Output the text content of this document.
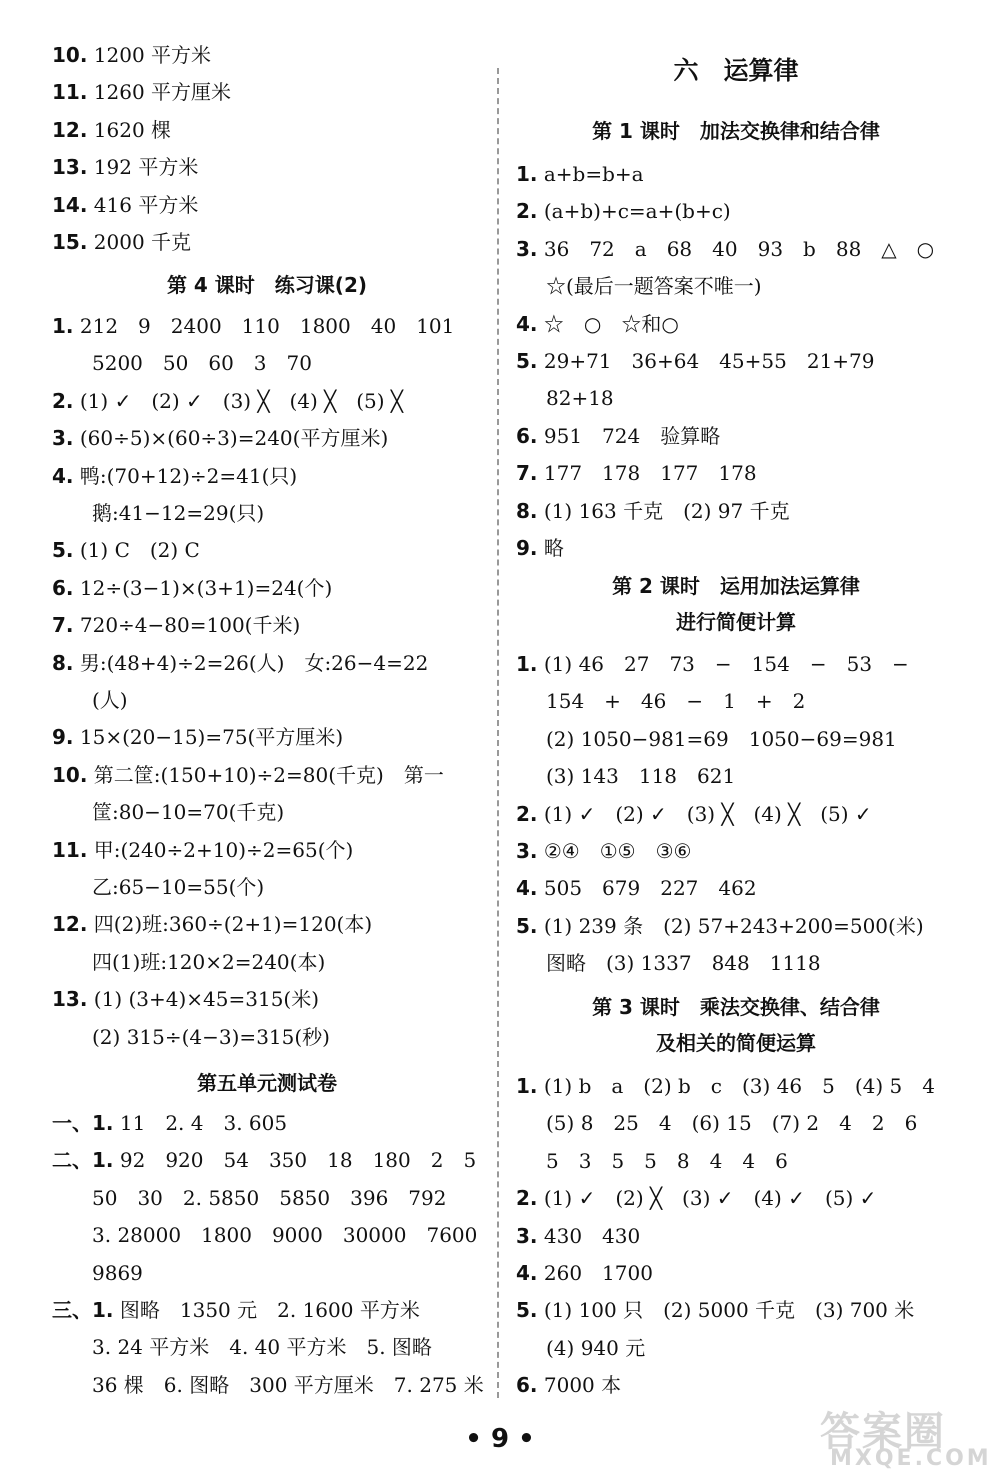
10. 1200 平方米
11. 1260 平方厘米
12. 1620 棵
13. 192 平方米
14. 416 平方米
15. 2000 千克
第 4 课时　练习课(2)
1. 212　9　2400　110　1800　40　101
5200　50　60　3　70
2. (1) ✓　(2) ✓　(3) ╳　(4) ╳　(5) ╳
3. (60÷5)×(60÷3)=240(平方厘米)
4. 鸭:(70+12)÷2=41(只)
鹅:41−12=29(只)
5. (1) C　(2) C
6. 12÷(3−1)×(3+1)=24(个)
7. 720÷4−80=100(千米)
8. 男:(48+4)÷2=26(人)　女:26−4=22
(人)
9. 15×(20−15)=75(平方厘米)
10. 第二筐:(150+10)÷2=80(千克)　第一
筐:80−10=70(千克)
11. 甲:(240÷2+10)÷2=65(个)
乙:65−10=55(个)
12. 四(2)班:360÷(2+1)=120(本)
四(1)班:120×2=240(本)
13. (1) (3+4)×45=315(米)
(2) 315÷(4−3)=315(秒)
第五单元测试卷
一、1. 11　2. 4　3. 605
二、1. 92　920　54　350　18　180　2　5
50　30　2. 5850　5850　396　792
3. 28000　1800　9000　30000　7600
9869
三、1. 图略　1350 元　2. 1600 平方米
3. 24 平方米　4. 40 平方米　5. 图略
36 棵　6. 图略　300 平方厘米　7. 275 米
六　运算律
第 1 课时　加法交换律和结合律
1. a+b=b+a
2. (a+b)+c=a+(b+c)
3. 36　72　a　68　40　93　b　88　△　○
☆(最后一题答案不唯一)
4. ☆　○　☆和○
5. 29+71　36+64　45+55　21+79
82+18
6. 951　724　验算略
7. 177　178　177　178
8. (1) 163 千克　(2) 97 千克
9. 略
第 2 课时　运用加法运算律
进行简便计算
1. (1) 46　27　73　−　154　−　53　−
154　+　46　−　1　+　2
(2) 1050−981=69　1050−69=981
(3) 143　118　621
2. (1) ✓　(2) ✓　(3) ╳　(4) ╳　(5) ✓
3. ②④　①⑤　③⑥
4. 505　679　227　462
5. (1) 239 条　(2) 57+243+200=500(米)
图略　(3) 1337　848　1118
第 3 课时　乘法交换律、结合律
及相关的简便运算
1. (1) b　a　(2) b　c　(3) 46　5　(4) 5　4
(5) 8　25　4　(6) 15　(7) 2　4　2　6
5　3　5　5　8　4　4　6
2. (1) ✓　(2) ╳　(3) ✓　(4) ✓　(5) ✓
3. 430　430
4. 260　1700
5. (1) 100 只　(2) 5000 千克　(3) 700 米
(4) 940 元
6. 7000 本
• 9 •	答案圈
MXQE.COM
